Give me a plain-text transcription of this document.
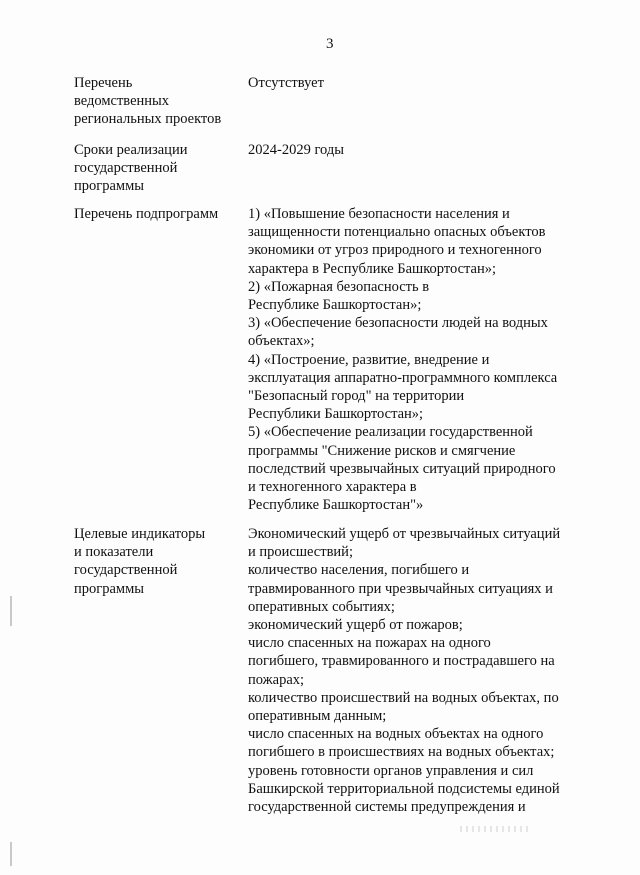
3
Перечень
ведомственных
региональных проектов
Отсутствует
Сроки реализации
государственной
программы
2024-2029 годы
Перечень подпрограмм	1) «Повышение безопасности населения и
защищенности потенциально опасных объектов
экономики от угроз природного и техногенного
характера в Республике Башкортостан»;
2) «Пожарная безопасность в
Республике Башкортостан»;
3) «Обеспечение безопасности людей на водных
объектах»;
4) «Построение, развитие, внедрение и
эксплуатация аппаратно-программного комплекса
"Безопасный город" на территории
Республики Башкортостан»;
5) «Обеспечение реализации государственной
программы "Снижение рисков и смягчение
последствий чрезвычайных ситуаций природного
и техногенного характера в
Республике Башкортостан"»
Целевые индикаторы
и показатели
государственной
программы
Экономический ущерб от чрезвычайных ситуаций
и происшествий;
количество населения, погибшего и
травмированного при чрезвычайных ситуациях и
оперативных событиях;
экономический ущерб от пожаров;
число спасенных на пожарах на одного
погибшего, травмированного и пострадавшего на
пожарах;
количество происшествий на водных объектах, по
оперативным данным;
число спасенных на водных объектах на одного
погибшего в происшествиях на водных объектах;
уровень готовности органов управления и сил
Башкирской территориальной подсистемы единой
государственной системы предупреждения и
